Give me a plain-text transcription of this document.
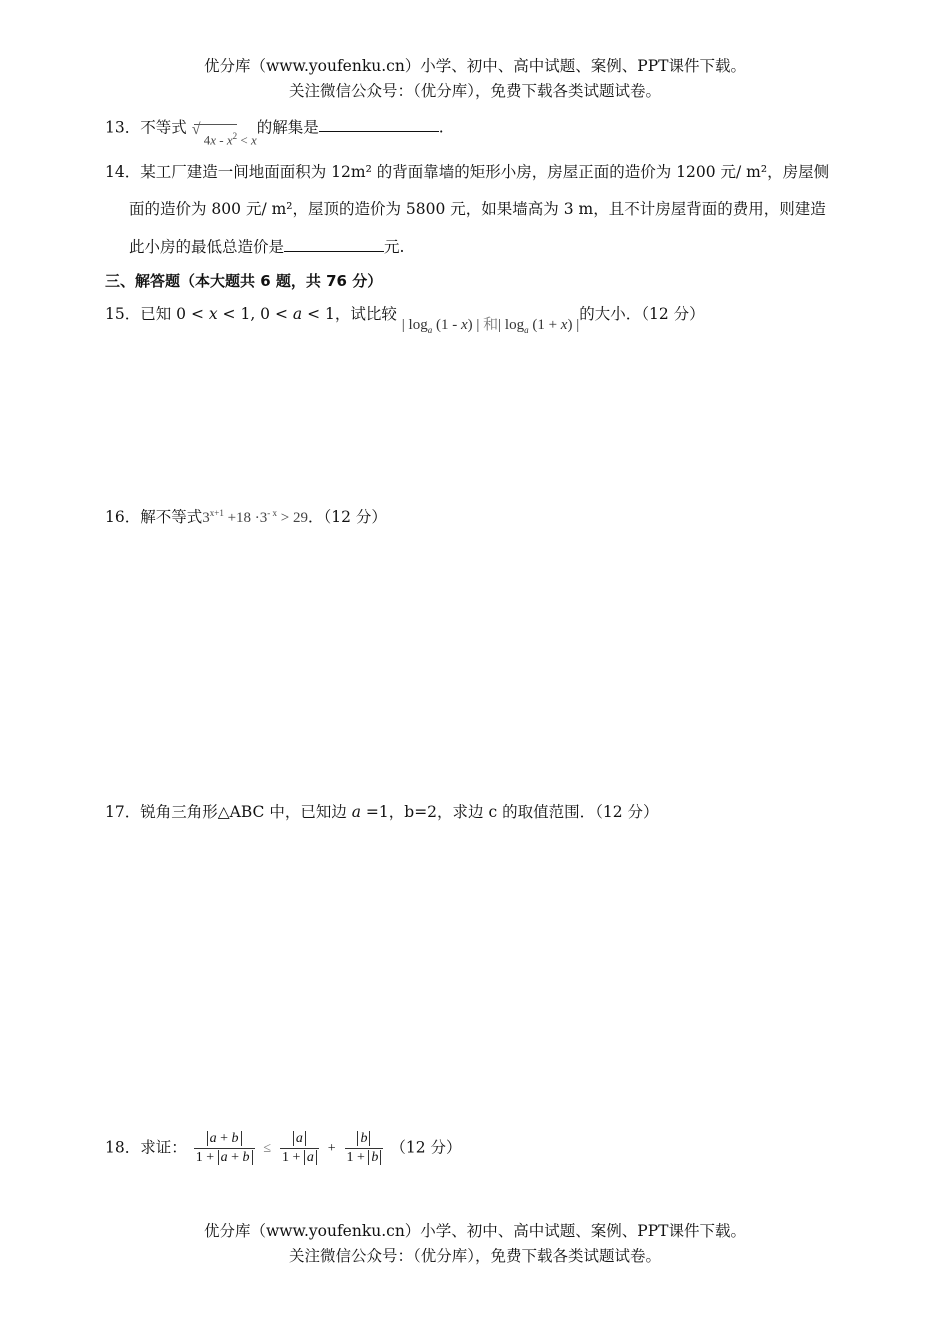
优分库（www.youfenku.cn）小学、初中、高中试题、案例、PPT课件下载。
关注微信公众号：（优分库），免费下载各类试题试卷。
13．不等式 √ $4x - x^2 < x$的解集是	.
14．某工厂建造一间地面面积为 12m² 的背面靠墙的矩形小房，房屋正面的造价为 1200 元/ m²，房屋侧
面的造价为 800 元/ m²，屋顶的造价为 5800 元，如果墙高为 3 m，且不计房屋背面的费用，则建造
此小房的最低总造价是	元.
三、解答题（本大题共 6 题，共 76 分）
15．已知 0 < x < 1, 0 < a < 1，试比较 | $\log_a (1 - x)$ | 和| $\log_a (1 + x)$ |的大小．（12 分）
16．解不等式$3^{x+1} +18 \cdot 3^{- x} > 29$．（12 分）
17．锐角三角形△ABC 中，已知边 a =1，b=2，求边 c 的取值范围．（12 分）
18．求证： $\frac{a + b}{1 + a + b} \le \frac{a}{1 + a} + \frac{b}{1 + b} (12$ 分）
优分库（www.youfenku.cn）小学、初中、高中试题、案例、PPT课件下载。
关注微信公众号：（优分库），免费下载各类试题试卷。
